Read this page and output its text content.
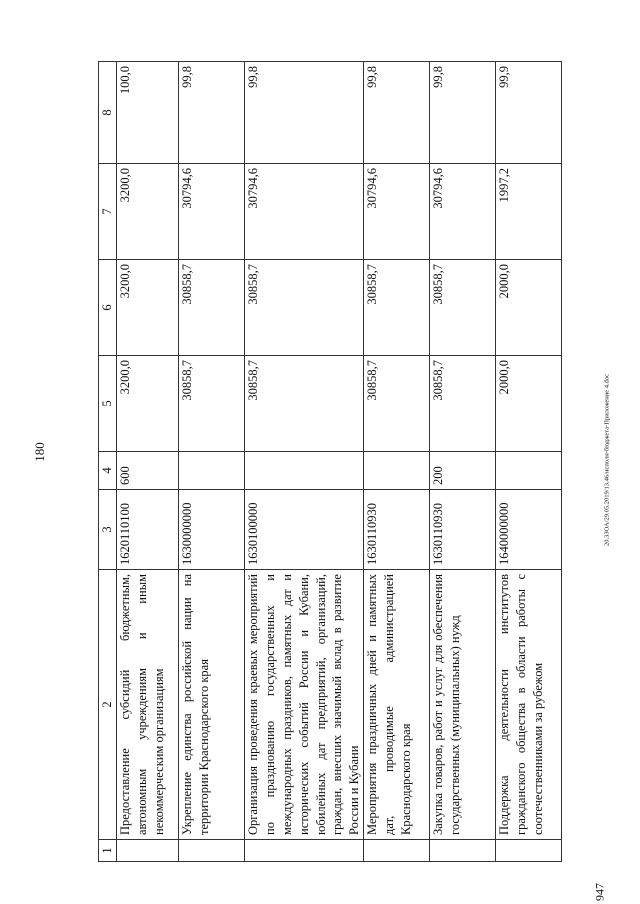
180	20.3ЗОА/29.05.2019/13.46/исполн-бюджета-Приложение 4.doc
947
1	2	3	4	5	6	7	8
	Предоставление субсидий бюджетным, автономным учреждениям и иным некоммерческим организациям	1620110100	600	3200,0	3200,0	3200,0	100,0
	Укрепление единства российской нации на территории Краснодарского края	1630000000		30858,7	30858,7	30794,6	99,8
	Организация проведения краевых мероприятий по празднованию государственных и международных праздников, памятных дат и исторических событий России и Кубани, юбилейных дат предприятий, организаций, граждан, внесших значимый вклад в развитие России и Кубани	1630100000		30858,7	30858,7	30794,6	99,8
	Мероприятия праздничных дней и памятных дат, проводимые администрацией Краснодарского края	1630110930		30858,7	30858,7	30794,6	99,8
	Закупка товаров, работ и услуг для обеспечения государственных (муниципальных) нужд	1630110930	200	30858,7	30858,7	30794,6	99,8
	Поддержка деятельности институтов гражданского общества в области работы с соотечественниками за рубежом	1640000000		2000,0	2000,0	1997,2	99,9
